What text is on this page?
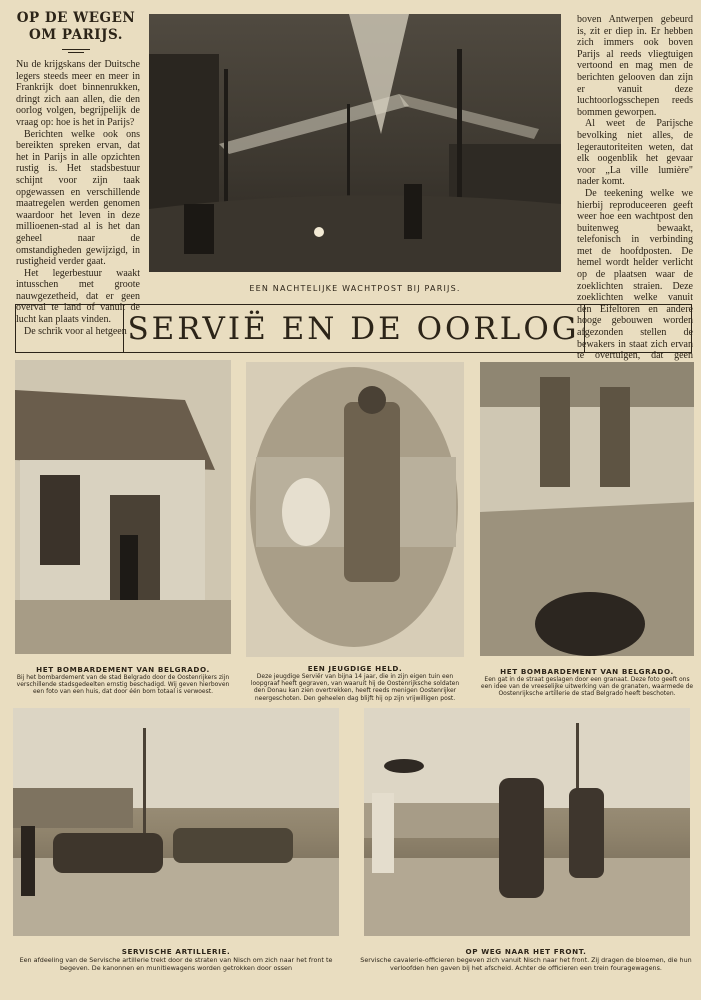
OP DE WEGEN
OM PARIJS.

Nu de krijgskans der Duitsche legers steeds meer en meer in Frankrijk doet binnenrukken, dringt zich aan allen, die den oorlog volgen, begrijpelijk de vraag op: hoe is het in Parijs?

Berichten welke ook ons bereikten spreken ervan, dat het in Parijs in alle opzichten rustig is. Het stadsbestuur schijnt voor zijn taak opgewassen en verschillende maatregelen werden genomen waardoor het leven in deze millioenen-stad al is het dan geheel naar de omstandigheden gewijzigd, in rustigheid verder gaat.

Het legerbestuur waakt intusschen met groote nauwgezetheid, dat er geen overval te land of vanuit de lucht kan plaats vinden.

De schrik voor al hetgeen

EEN NACHTELIJKE WACHTPOST BIJ PARIJS.

boven Antwerpen gebeurd is, zit er diep in. Er hebben zich immers ook boven Parijs al reeds vliegtuigen vertoond en mag men de berichten gelooven dan zijn er vanuit deze luchtoorlogsschepen reeds bommen geworpen.

Al weet de Parijsche bevolking niet alles, de legerautoriteiten weten, dat elk oogenblik het gevaar voor „La ville lumière" nader komt.

De teekening welke we hierbij reproduceeren geeft weer hoe een wachtpost den buitenweg bewaakt, telefonisch in verbinding met de hoofdposten. De hemel wordt helder verlicht op de plaatsen waar de zoeklichten straien. Deze zoeklichten welke vanuit den Eifeltoren en andere hooge gebouwen worden afgezonden stellen de bewakers in staat zich ervan te overtuigen, dat geen

SERVIË EN DE OORLOG
HET BOMBARDEMENT VAN BELGRADO.
Bij het bombardement van de stad Belgrado door de Oostenrijkers zijn verschillende stadsgedeelten ernstig beschadigd. Wij geven hierboven een foto van een huis, dat door één bom totaal is verwoest.
EEN JEUGDIGE HELD.
Deze jeugdige Serviër van bijna 14 jaar, die in zijn eigen tuin een loopgraaf heeft gegraven, van waaruit hij de Oostenrijksche soldaten den Donau kan zien overtrekken, heeft reeds menigen Oostenrijker neergeschoten. Den geheelen dag blijft hij op zijn vrijwilligen post.
HET BOMBARDEMENT VAN BELGRADO.
Een gat in de straat geslagen door een granaat. Deze foto geeft ons een idee van de vreeselijke uitwerking van de granaten, waarmede de Oostenrijksche artillerie de stad Belgrado heeft beschoten.
SERVISCHE ARTILLERIE.
Een afdeeling van de Servische artillerie trekt door de straten van Nisch om zich naar het front te begeven. De kanonnen en munitiewagens worden getrokken door ossen
OP WEG NAAR HET FRONT.
Servische cavalerie-officieren begeven zich vanuit Nisch naar het front. Zij dragen de bloemen, die hun verloofden hen gaven bij het afscheid. Achter de officieren een trein fouragewagens.
